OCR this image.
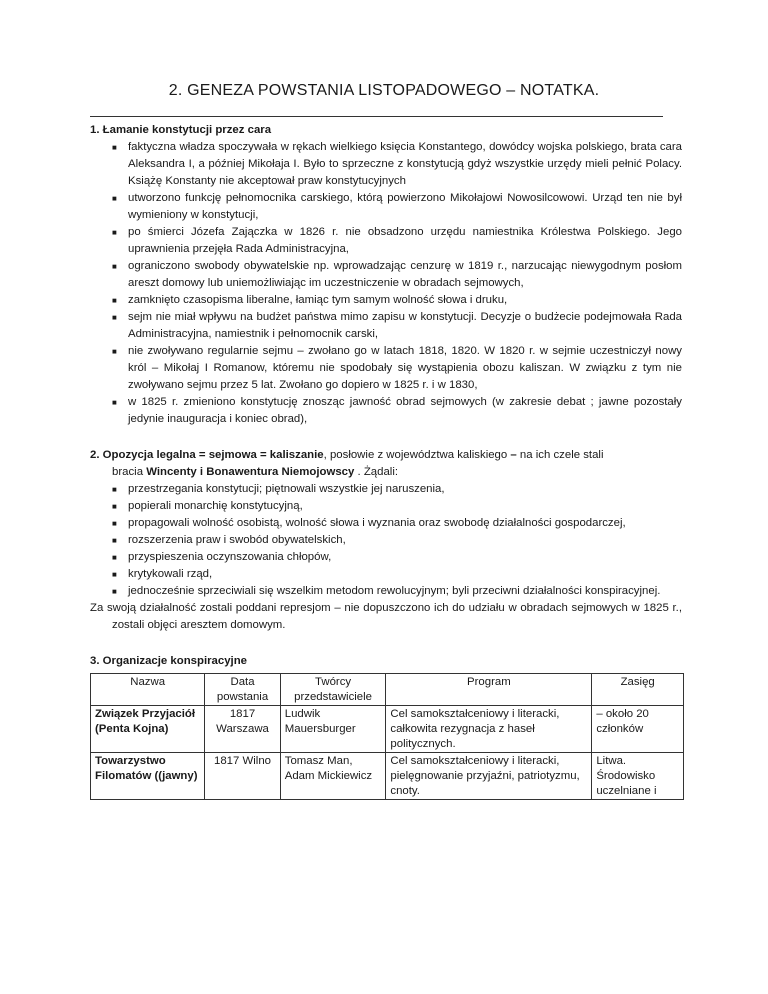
2. GENEZA POWSTANIA LISTOPADOWEGO – NOTATKA.
1. Łamanie konstytucji przez cara
■ faktyczna władza spoczywała w rękach wielkiego księcia Konstantego, dowódcy wojska polskiego, brata cara Aleksandra I, a później Mikołaja I. Było to sprzeczne z konstytucją gdyż wszystkie urzędy mieli pełnić Polacy. Książę Konstanty nie akceptował praw konstytucyjnych
■ utworzono funkcję pełnomocnika carskiego, którą powierzono Mikołajowi Nowosilcowowi. Urząd ten nie był wymieniony w konstytucji,
■ po śmierci Józefa Zajączka w 1826 r. nie obsadzono urzędu namiestnika Królestwa Polskiego. Jego uprawnienia przejęła Rada Administracyjna,
■ ograniczono swobody obywatelskie np. wprowadzając cenzurę w 1819 r., narzucając niewygodnym posłom areszt domowy lub uniemożliwiając im uczestniczenie w obradach sejmowych,
■ zamknięto czasopisma liberalne, łamiąc tym samym wolność słowa i druku,
■ sejm nie miał wpływu na budżet państwa mimo zapisu w konstytucji. Decyzje o budżecie podejmowała Rada Administracyjna, namiestnik i pełnomocnik carski,
■ nie zwoływano regularnie sejmu – zwołano go w latach 1818, 1820. W 1820 r. w sejmie uczestniczył nowy król – Mikołaj I Romanow, któremu nie spodobały się wystąpienia obozu kaliszan. W związku z tym nie zwoływano sejmu przez 5 lat. Zwołano go dopiero w 1825 r. i w 1830,
■ w 1825 r. zmieniono konstytucję znosząc jawność obrad sejmowych (w zakresie debat ; jawne pozostały jedynie inauguracja i koniec obrad),
2. Opozycja legalna = sejmowa = kaliszanie, posłowie z województwa kaliskiego – na ich czele stali
bracia Wincenty i Bonawentura Niemojowscy . Żądali:
■ przestrzegania konstytucji; piętnowali wszystkie jej naruszenia,
■ popierali monarchię konstytucyjną,
■ propagowali wolność osobistą, wolność słowa i wyznania oraz swobodę działalności gospodarczej,
■ rozszerzenia praw i swobód obywatelskich,
■ przyspieszenia oczynszowania chłopów,
■ krytykowali rząd,
■ jednocześnie sprzeciwiali się wszelkim metodom rewolucyjnym; byli przeciwni działalności konspiracyjnej.
Za swoją działalność zostali poddani represjom – nie dopuszczono ich do udziału w obradach sejmowych w 1825 r., zostali objęci aresztem domowym.
3. Organizacje konspiracyjne
Nazwa	Data powstania	Twórcy przedstawiciele	Program	Zasięg
Związek Przyjaciół (Penta Kojna)	1817 Warszawa	Ludwik Mauersburger	Cel samokształceniowy i literacki, całkowita rezygnacja z haseł politycznych.	– około 20 członków
Towarzystwo Filomatów ((jawny)	1817 Wilno	Tomasz Man, Adam Mickiewicz	Cel samokształceniowy i literacki, pielęgnowanie przyjaźni, patriotyzmu, cnoty.	Litwa. Środowisko uczelniane i
